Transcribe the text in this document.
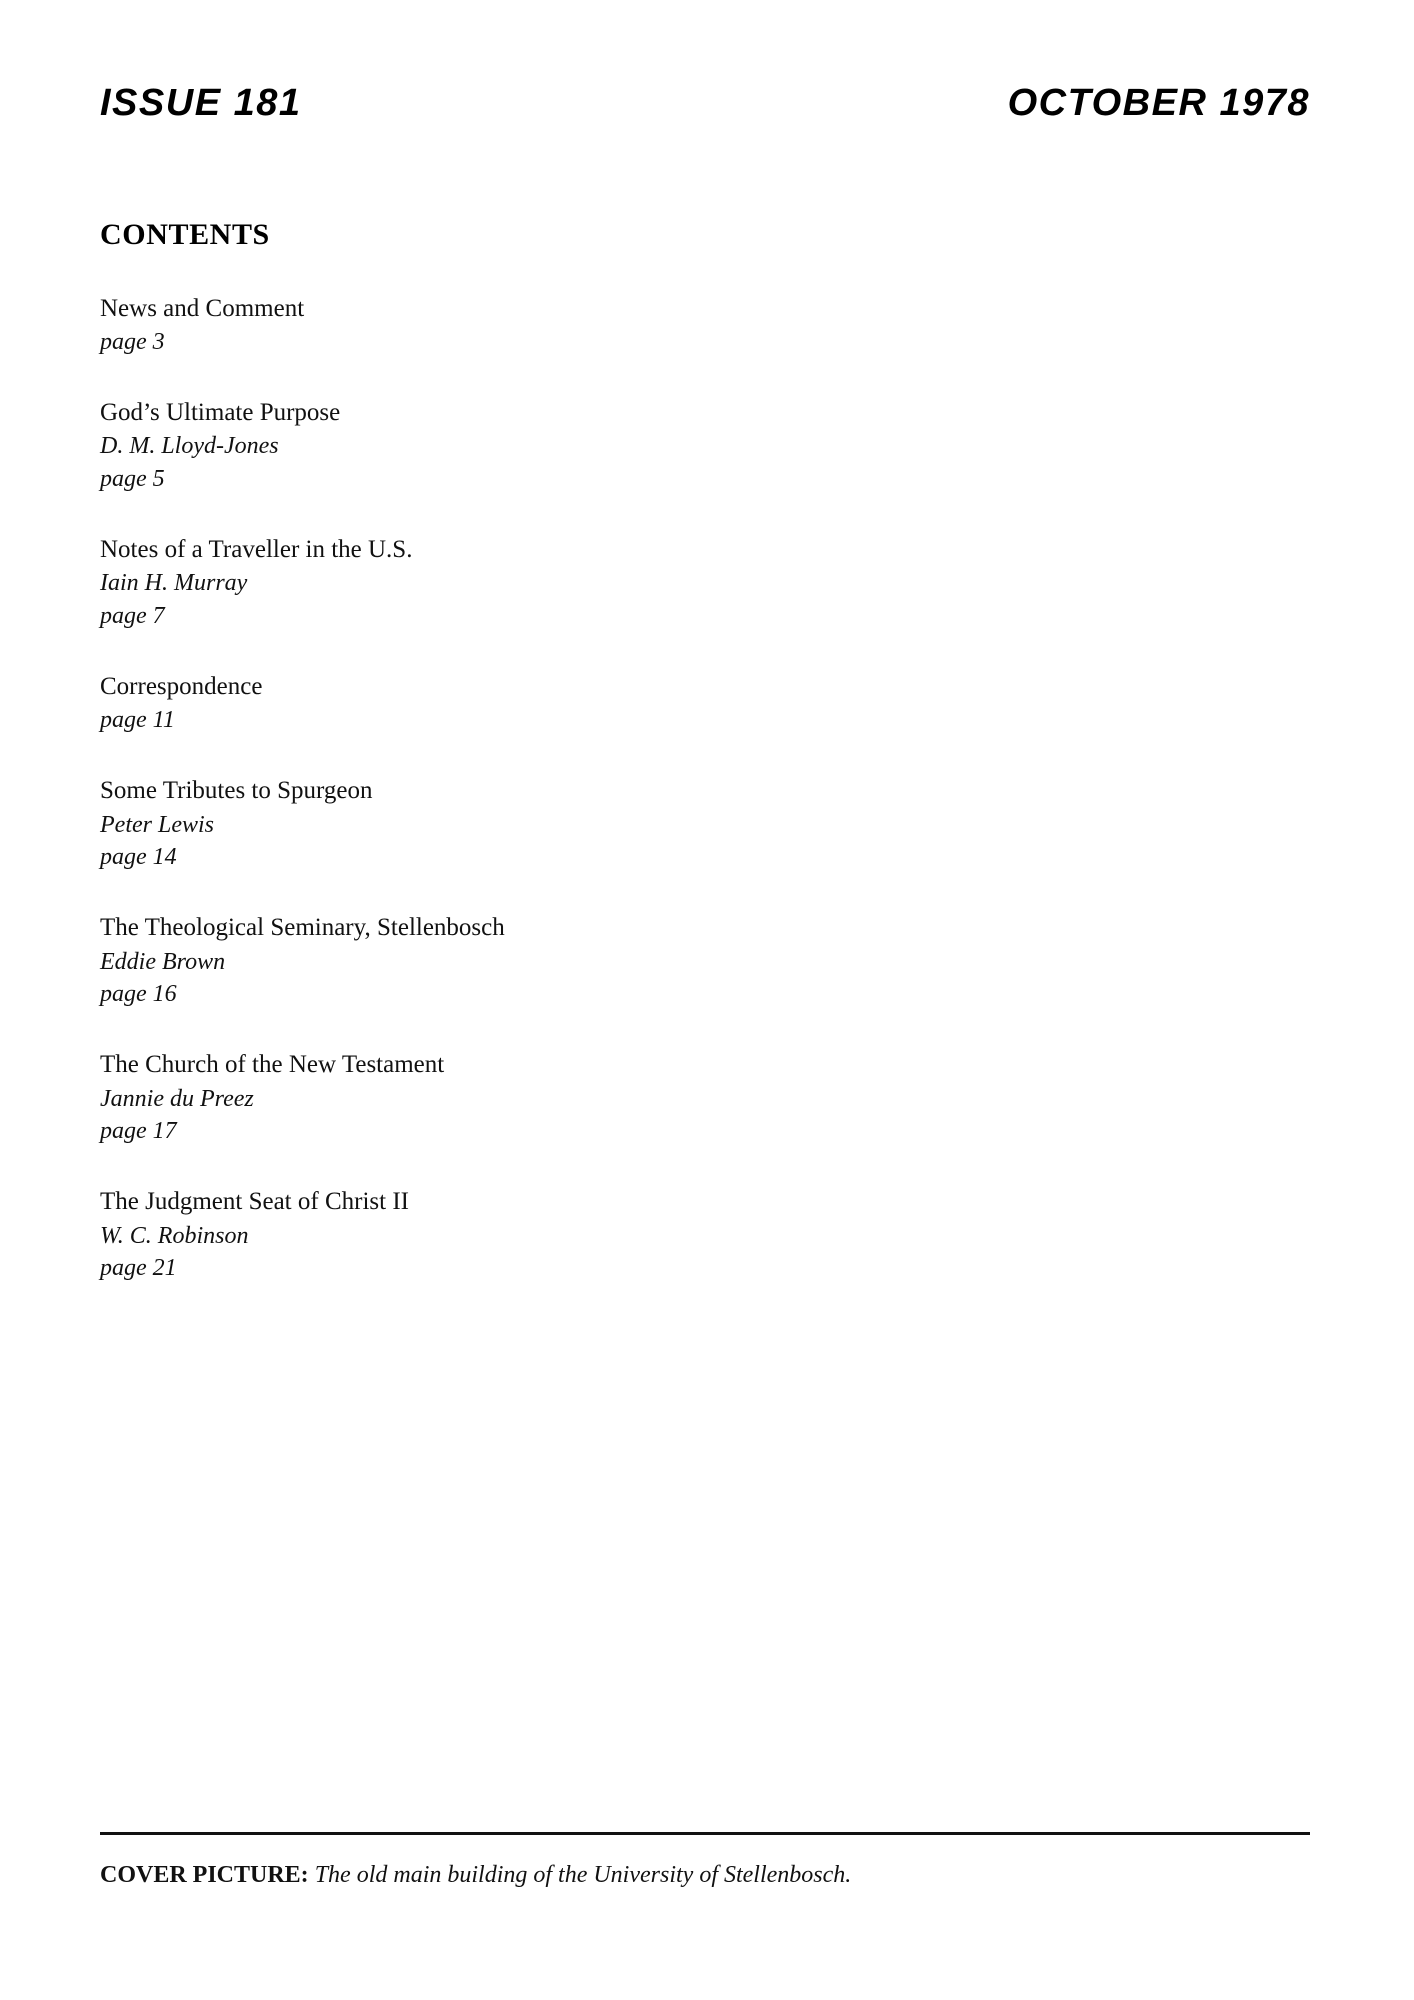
ISSUE 181	OCTOBER 1978
CONTENTS
News and Comment
page 3
God’s Ultimate Purpose
D. M. Lloyd-Jones
page 5
Notes of a Traveller in the U.S.
Iain H. Murray
page 7
Correspondence
page 11
Some Tributes to Spurgeon
Peter Lewis
page 14
The Theological Seminary, Stellenbosch
Eddie Brown
page 16
The Church of the New Testament
Jannie du Preez
page 17
The Judgment Seat of Christ II
W. C. Robinson
page 21
COVER PICTURE: The old main building of the University of Stellenbosch.
